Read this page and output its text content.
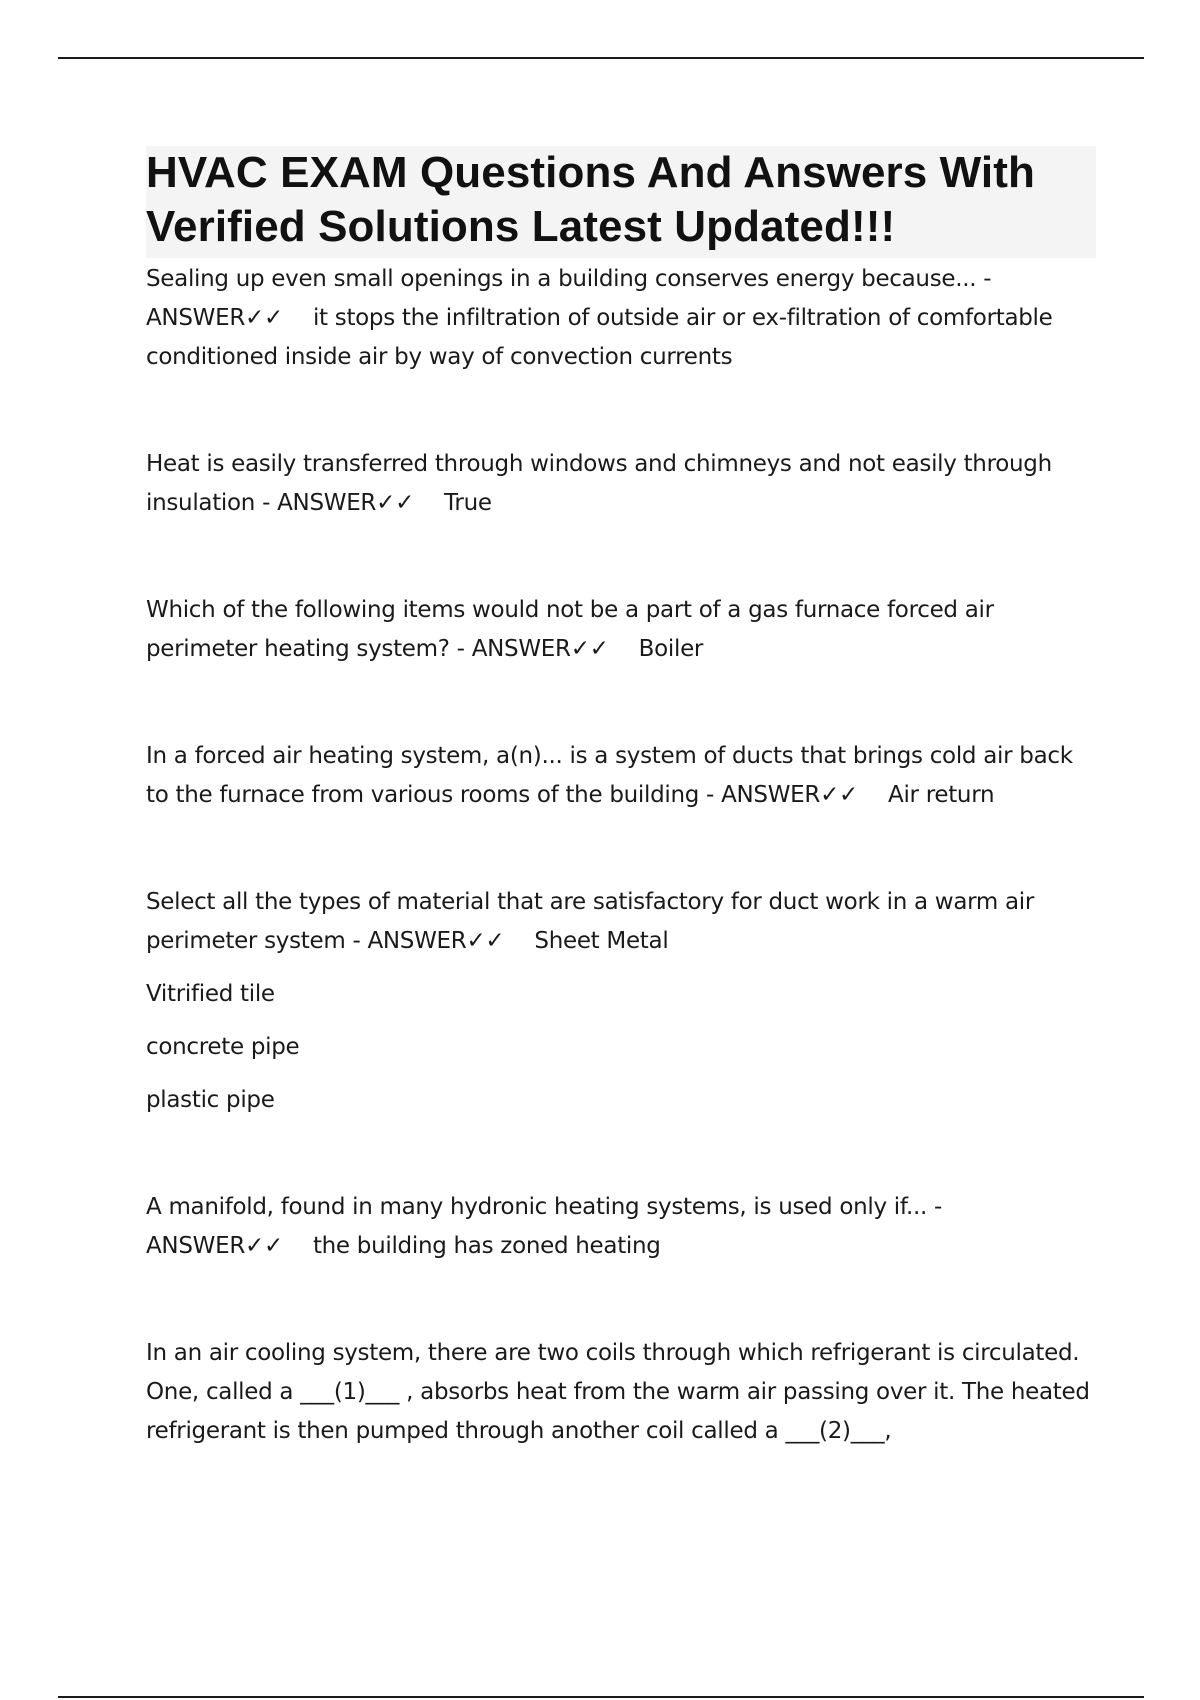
HVAC EXAM Questions And Answers With Verified Solutions Latest Updated!!!

Sealing up even small openings in a building conserves energy because... - ANSWER✓✓ it stops the infiltration of outside air or ex-filtration of comfortable conditioned inside air by way of convection currents

Heat is easily transferred through windows and chimneys and not easily through insulation - ANSWER✓✓ True

Which of the following items would not be a part of a gas furnace forced air perimeter heating system? - ANSWER✓✓ Boiler

In a forced air heating system, a(n)... is a system of ducts that brings cold air back to the furnace from various rooms of the building - ANSWER✓✓ Air return

Select all the types of material that are satisfactory for duct work in a warm air perimeter system - ANSWER✓✓ Sheet Metal

Vitrified tile

concrete pipe

plastic pipe

A manifold, found in many hydronic heating systems, is used only if... - ANSWER✓✓ the building has zoned heating

In an air cooling system, there are two coils through which refrigerant is circulated. One, called a ___(1)___ , absorbs heat from the warm air passing over it. The heated refrigerant is then pumped through another coil called a ___(2)___,
